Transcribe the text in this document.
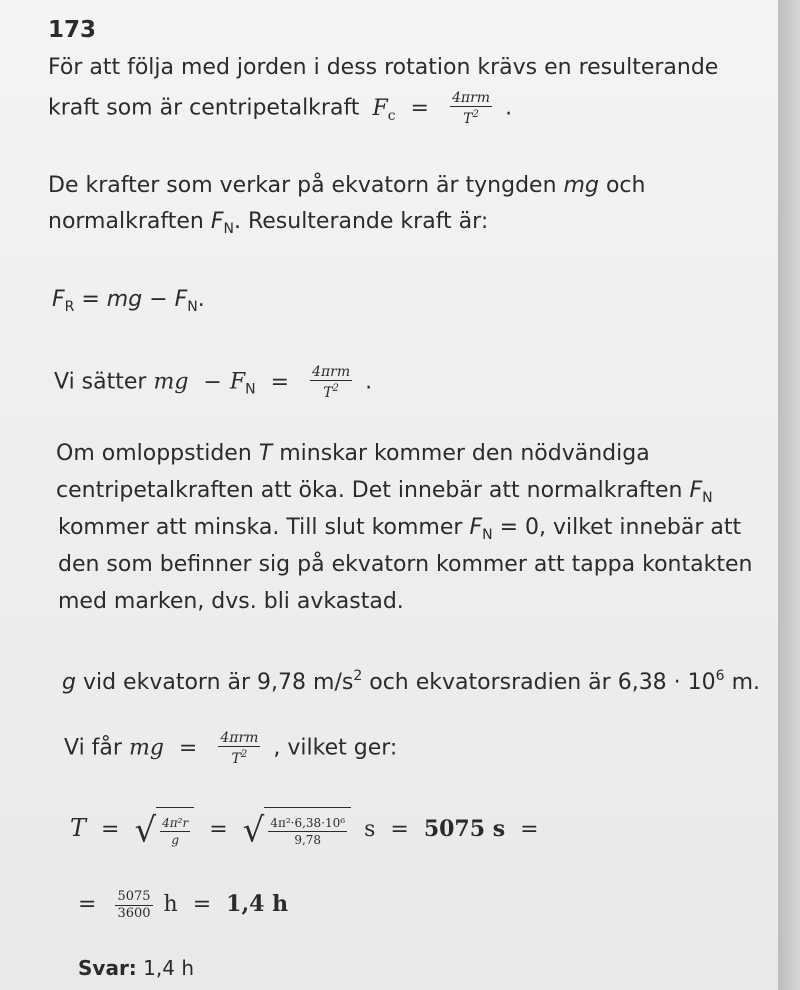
173
För att följa med jorden i dess rotation krävs en resulterande
kraft som är centripetalkraft $F_c = \frac{\text{4πrm}}{T^2}$ .
De krafter som verkar på ekvatorn är tyngden mg och
normalkraften $F_N$. Resulterande kraft är:
$F_R$ = mg − $F_N$.
Vi sätter mg − $F_N = \frac{\text{4πrm}}{T^2}$ .
Om omloppstiden T minskar kommer den nödvändiga
centripetalkraften att öka. Det innebär att normalkraften $F_N$
kommer att minska. Till slut kommer $F_N = 0$, vilket innebär att
den som befinner sig på ekvatorn kommer att tappa kontakten
med marken, dvs. bli avkastad.
g vid ekvatorn är 9,78 $m/s^2$ och ekvatorsradien är $6,38 \cdot 10^6$ m.
Vi får mg = $\frac{\text{4πrm}}{T^2}$ , vilket ger:
T = √ $\frac{\text{4π²r}}{g}$ = √ $\frac{\text{4π²·6,38·10⁶}}{9,78}$ s = 5075 s =
= $\frac{5075}{3600}$ h = 1,4 h
Svar: 1,4 h
